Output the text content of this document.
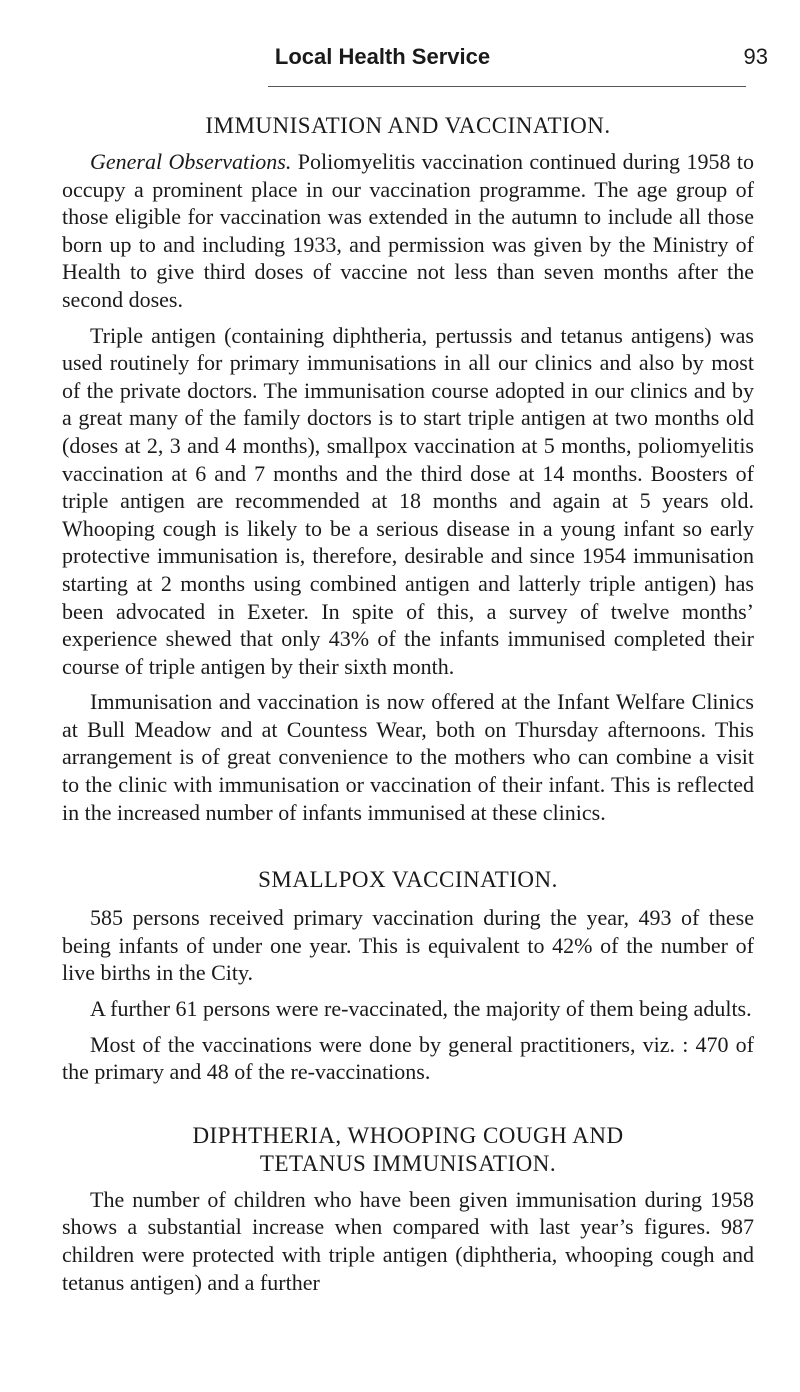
Local Health Service	93
IMMUNISATION AND VACCINATION.

General Observations. Poliomyelitis vaccination continued during 1958 to occupy a prominent place in our vaccination programme. The age group of those eligible for vaccination was extended in the autumn to include all those born up to and including 1933, and permission was given by the Ministry of Health to give third doses of vaccine not less than seven months after the second doses.

Triple antigen (containing diphtheria, pertussis and tetanus antigens) was used routinely for primary immunisations in all our clinics and also by most of the private doctors. The immunisation course adopted in our clinics and by a great many of the family doctors is to start triple antigen at two months old (doses at 2, 3 and 4 months), smallpox vaccination at 5 months, poliomyelitis vaccination at 6 and 7 months and the third dose at 14 months. Boosters of triple antigen are recommended at 18 months and again at 5 years old. Whooping cough is likely to be a serious disease in a young infant so early protective immunisation is, therefore, desirable and since 1954 immunisation starting at 2 months using combined antigen and latterly triple antigen) has been advocated in Exeter. In spite of this, a survey of twelve months’ experience shewed that only 43% of the infants immunised completed their course of triple antigen by their sixth month.

Immunisation and vaccination is now offered at the Infant Welfare Clinics at Bull Meadow and at Countess Wear, both on Thursday afternoons. This arrangement is of great convenience to the mothers who can combine a visit to the clinic with immunisation or vaccination of their infant. This is reflected in the increased number of infants immunised at these clinics.

SMALLPOX VACCINATION.

585 persons received primary vaccination during the year, 493 of these being infants of under one year. This is equivalent to 42% of the number of live births in the City.

A further 61 persons were re-vaccinated, the majority of them being adults.

Most of the vaccinations were done by general practitioners, viz. : 470 of the primary and 48 of the re-vaccinations.

DIPHTHERIA, WHOOPING COUGH AND
TETANUS IMMUNISATION.

The number of children who have been given immunisation during 1958 shows a substantial increase when compared with last year’s figures. 987 children were protected with triple antigen (diphtheria, whooping cough and tetanus antigen) and a further
